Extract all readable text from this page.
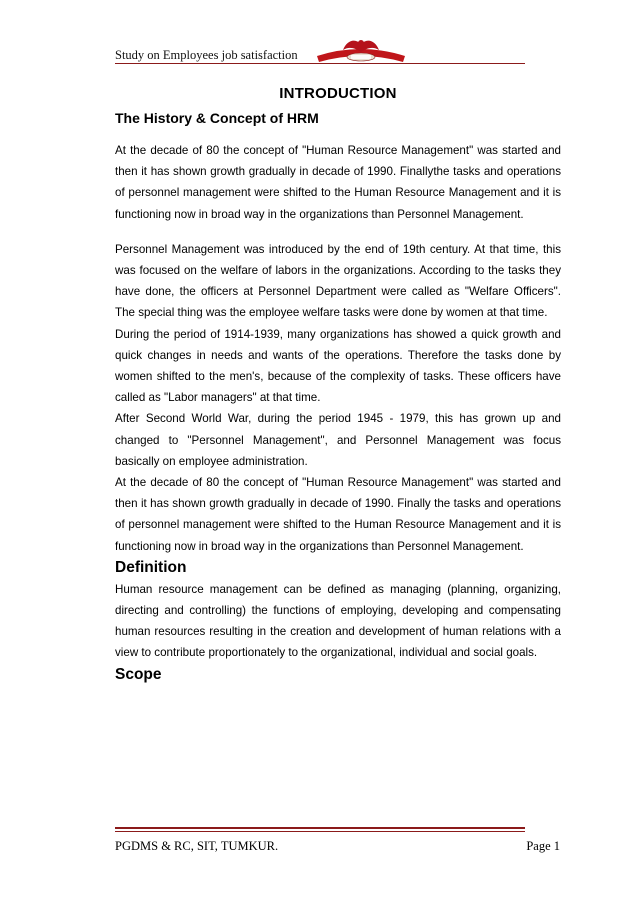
Study on Employees job satisfaction
INTRODUCTION
The History & Concept of HRM

At the decade of 80 the concept of "Human Resource Management" was started and then it has shown growth gradually in decade of 1990. Finallythe tasks and operations of personnel management were shifted to the Human Resource Management and it is functioning now in broad way in the organizations than Personnel Management.

Personnel Management was introduced by the end of 19th century. At that time, this was focused on the welfare of labors in the organizations. According to the tasks they have done, the officers at Personnel Department were called as "Welfare Officers". The special thing was the employee welfare tasks were done by women at that time.

During the period of 1914-1939, many organizations has showed a quick growth and quick changes in needs and wants of the operations. Therefore the tasks done by women shifted to the men's, because of the complexity of tasks. These officers have called as "Labor managers" at that time.

After Second World War, during the period 1945 - 1979, this has grown up and changed to "Personnel Management", and Personnel Management was focus basically on employee administration.

At the decade of 80 the concept of "Human Resource Management" was started and then it has shown growth gradually in decade of 1990. Finally the tasks and operations of personnel management were shifted to the Human Resource Management and it is functioning now in broad way in the organizations than Personnel Management.

Definition

Human resource management can be defined as managing (planning, organizing, directing and controlling) the functions of employing, developing and compensating human resources resulting in the creation and development of human relations with a view to contribute proportionately to the organizational, individual and social goals.

Scope
PGDMS & RC, SIT, TUMKUR.	Page 1
